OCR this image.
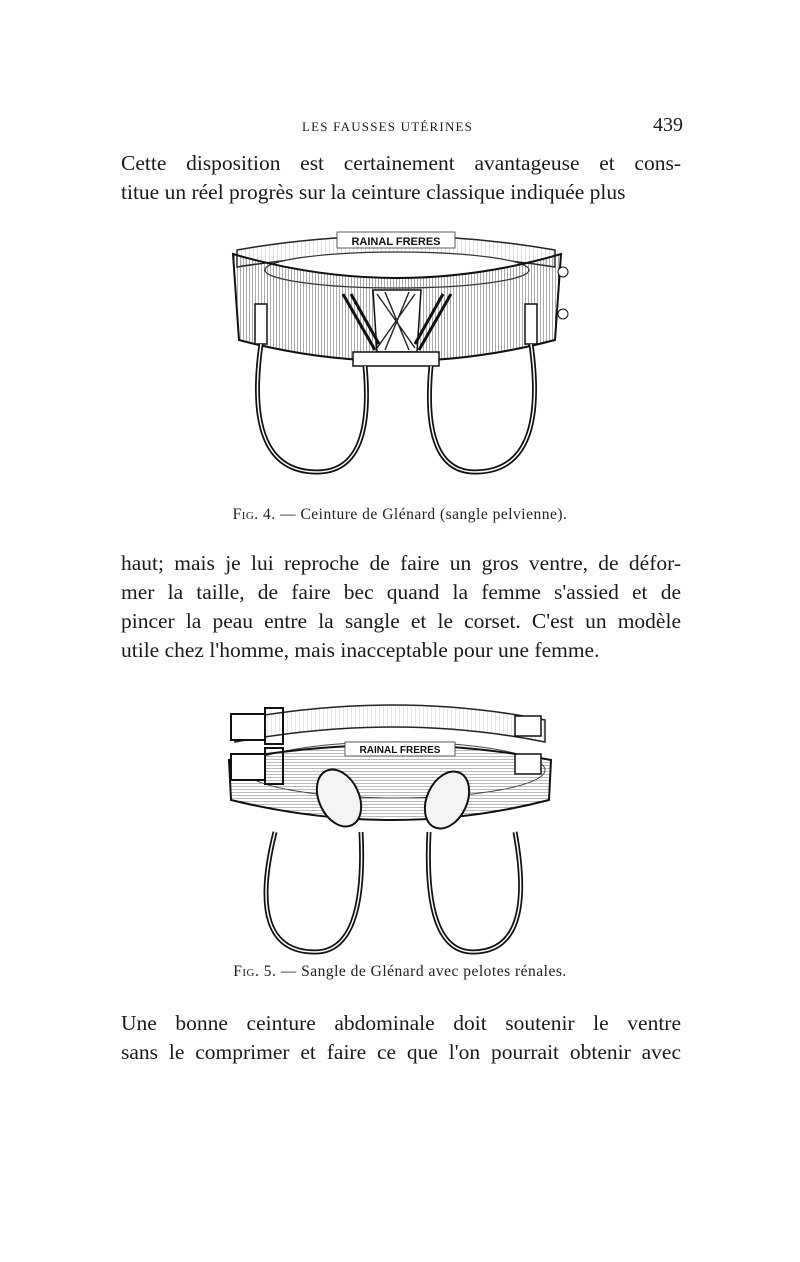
LES FAUSSES UTÉRINES	439

Cette disposition est certainement avantageuse et cons-
titue un réel progrès sur la ceinture classique indiquée plus

RAINAL FRERES
Fig. 4. — Ceinture de Glénard (sangle pelvienne).

haut; mais je lui reproche de faire un gros ventre, de défor-
mer la taille, de faire bec quand la femme s'assied et de
pincer la peau entre la sangle et le corset. C'est un modèle
utile chez l'homme, mais inacceptable pour une femme.

RAINAL FRERES
Fig. 5. — Sangle de Glénard avec pelotes rénales.

Une bonne ceinture abdominale doit soutenir le ventre
sans le comprimer et faire ce que l'on pourrait obtenir avec
